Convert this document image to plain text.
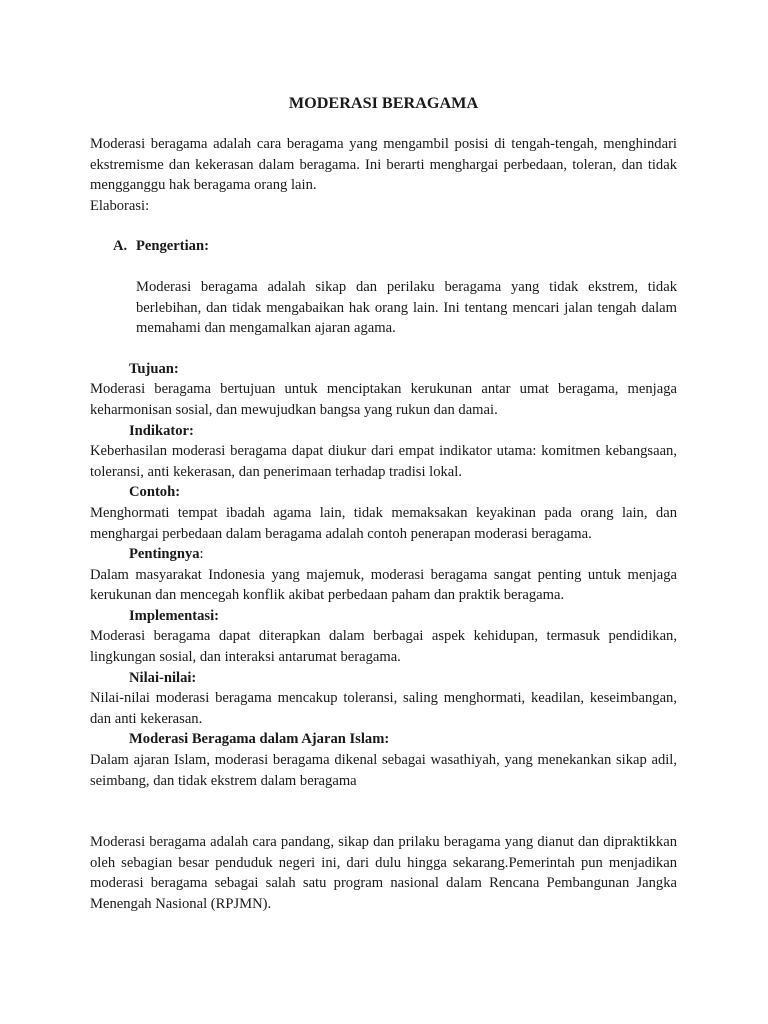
MODERASI BERAGAMA

Moderasi beragama adalah cara beragama yang mengambil posisi di tengah-tengah, menghindari ekstremisme dan kekerasan dalam beragama. Ini berarti menghargai perbedaan, toleran, dan tidak mengganggu hak beragama orang lain.

Elaborasi:

A. Pengertian:
Moderasi beragama adalah sikap dan perilaku beragama yang tidak ekstrem, tidak berlebihan, dan tidak mengabaikan hak orang lain. Ini tentang mencari jalan tengah dalam memahami dan mengamalkan ajaran agama.
Tujuan:

Moderasi beragama bertujuan untuk menciptakan kerukunan antar umat beragama, menjaga keharmonisan sosial, dan mewujudkan bangsa yang rukun dan damai.

Indikator:

Keberhasilan moderasi beragama dapat diukur dari empat indikator utama: komitmen kebangsaan, toleransi, anti kekerasan, dan penerimaan terhadap tradisi lokal.

Contoh:

Menghormati tempat ibadah agama lain, tidak memaksakan keyakinan pada orang lain, dan menghargai perbedaan dalam beragama adalah contoh penerapan moderasi beragama.

Pentingnya:

Dalam masyarakat Indonesia yang majemuk, moderasi beragama sangat penting untuk menjaga kerukunan dan mencegah konflik akibat perbedaan paham dan praktik beragama.

Implementasi:

Moderasi beragama dapat diterapkan dalam berbagai aspek kehidupan, termasuk pendidikan, lingkungan sosial, dan interaksi antarumat beragama.

Nilai-nilai:

Nilai-nilai moderasi beragama mencakup toleransi, saling menghormati, keadilan, keseimbangan, dan anti kekerasan.

Moderasi Beragama dalam Ajaran Islam:

Dalam ajaran Islam, moderasi beragama dikenal sebagai wasathiyah, yang menekankan sikap adil, seimbang, dan tidak ekstrem dalam beragama

Moderasi beragama adalah cara pandang, sikap dan prilaku beragama yang dianut dan dipraktikkan oleh sebagian besar penduduk negeri ini, dari dulu hingga sekarang.Pemerintah pun menjadikan moderasi beragama sebagai salah satu program nasional dalam Rencana Pembangunan Jangka Menengah Nasional (RPJMN).
